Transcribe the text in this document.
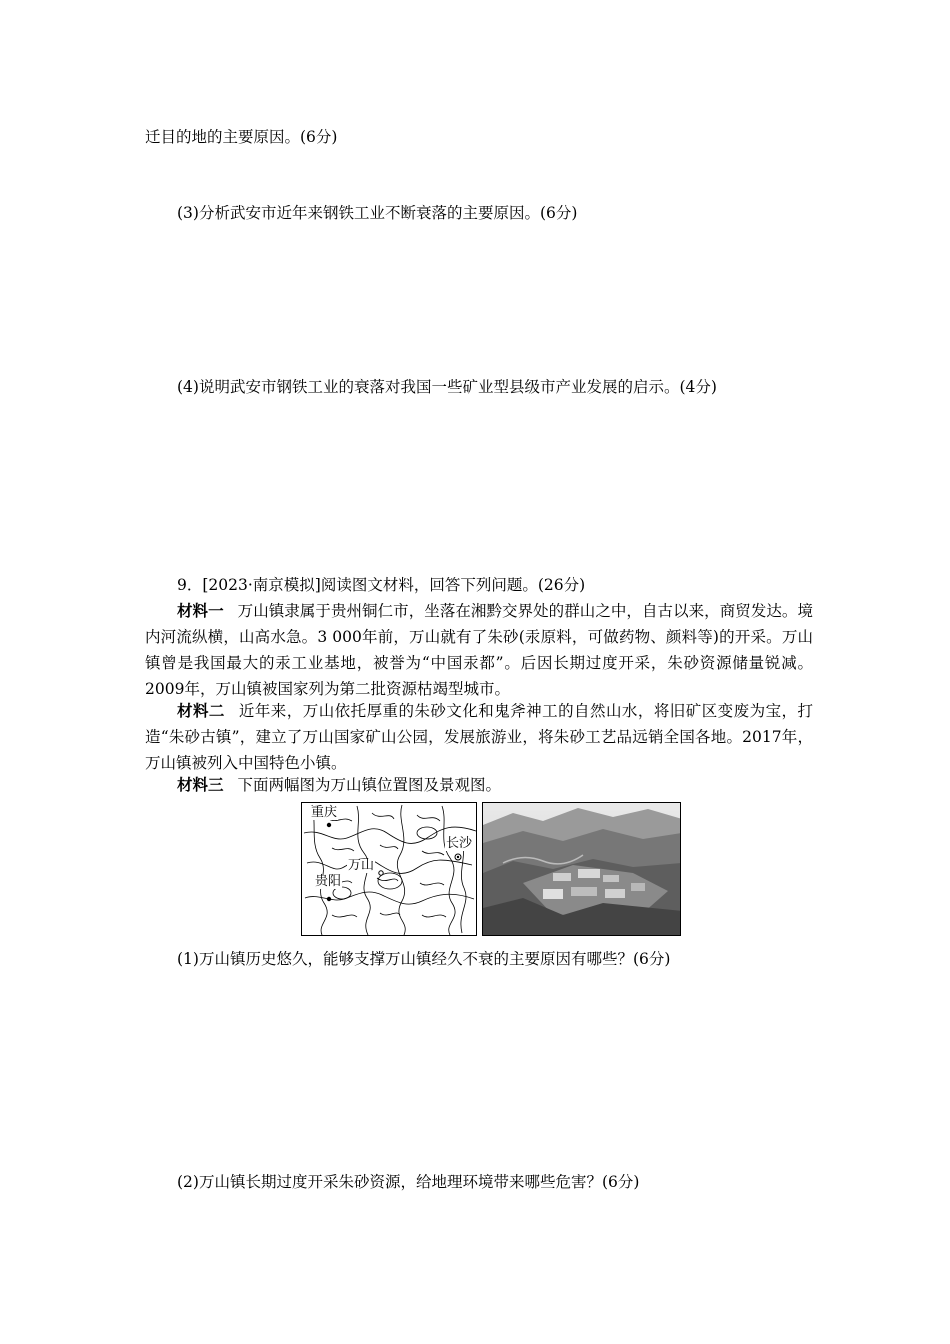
迁目的地的主要原因。(6分)
(3)分析武安市近年来钢铁工业不断衰落的主要原因。(6分)
(4)说明武安市钢铁工业的衰落对我国一些矿业型县级市产业发展的启示。(4分)
9．[2023·南京模拟]阅读图文材料，回答下列问题。(26分)
材料一 万山镇隶属于贵州铜仁市，坐落在湘黔交界处的群山之中，自古以来，商贸发达。境内河流纵横，山高水急。3 000年前，万山就有了朱砂(汞原料，可做药物、颜料等)的开采。万山镇曾是我国最大的汞工业基地，被誉为“中国汞都”。后因长期过度开采，朱砂资源储量锐减。2009年，万山镇被国家列为第二批资源枯竭型城市。
材料二 近年来，万山依托厚重的朱砂文化和鬼斧神工的自然山水，将旧矿区变废为宝，打造“朱砂古镇”，建立了万山国家矿山公园，发展旅游业，将朱砂工艺品远销全国各地。2017年，万山镇被列入中国特色小镇。
材料三 下面两幅图为万山镇位置图及景观图。
重庆
长沙
万山
贵阳
(1)万山镇历史悠久，能够支撑万山镇经久不衰的主要原因有哪些？(6分)
(2)万山镇长期过度开采朱砂资源，给地理环境带来哪些危害？(6分)
